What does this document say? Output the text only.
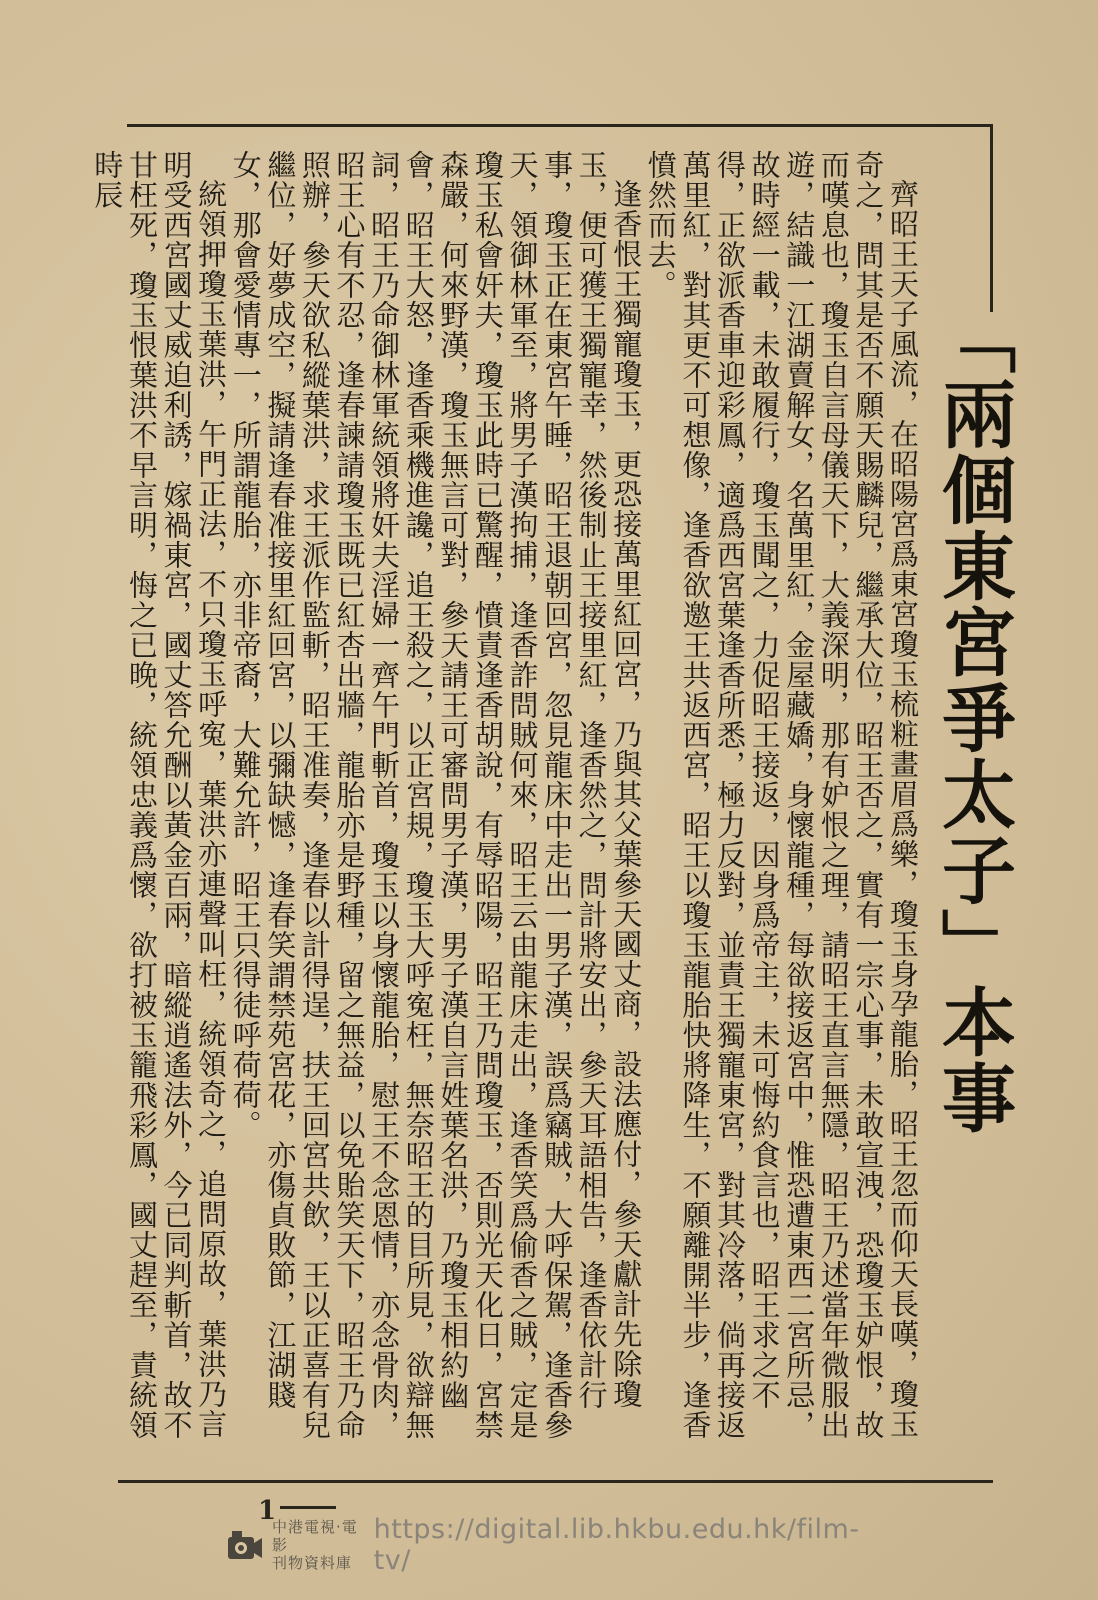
「兩個東宮爭太子」本事

齊昭王天子風流，在昭陽宮爲東宮瓊玉梳粧畫眉爲樂，瓊玉身孕龍胎，昭王忽而仰天長嘆，瓊玉奇之，問其是否不願天賜麟兒，繼承大位，昭王否之，實有一宗心事，未敢宣洩，恐瓊玉妒恨，故而嘆息也，瓊玉自言母儀天下，大義深明，那有妒恨之理，請昭王直言無隱，昭王乃述當年微服出遊，結識一江湖賣解女，名萬里紅，金屋藏嬌，身懷龍種，每欲接返宮中，惟恐遭東西二宮所忌，故時經一載，未敢履行，瓊玉聞之，力促昭王接返，因身爲帝主，未可悔約食言也，昭王求之不得，正欲派香車迎彩鳳，適爲西宮葉逢香所悉，極力反對，並責王獨寵東宮，對其冷落，倘再接返萬里紅，對其更不可想像，逢香欲邀王共返西宮，昭王以瓊玉龍胎快將降生，不願離開半步，逢香憤然而去。

逢香恨王獨寵瓊玉，更恐接萬里紅回宮，乃與其父葉參天國丈商，設法應付，參天獻計先除瓊玉，便可獲王獨寵幸，然後制止王接里紅，逢香然之，問計將安出，參天耳語相告，逢香依計行事，瓊玉正在東宮午睡，昭王退朝回宮，忽見龍床中走出一男子漢，誤爲竊賊，大呼保駕，逢香參天，領御林軍至，將男子漢拘捕，逢香詐問賊何來，昭王云由龍床走出，逢香笑爲偷香之賊，定是瓊玉私會奸夫，瓊玉此時已驚醒，憤責逢香胡說，有辱昭陽，昭王乃問瓊玉，否則光天化日，宮禁森嚴，何來野漢，瓊玉無言可對，參天請王可審問男子漢，男子漢自言姓葉名洪，乃瓊玉相約幽會，昭王大怒，逢香乘機進讒，追王殺之，以正宮規，瓊玉大呼寃枉，無奈昭王的目所見，欲辯無詞，昭王乃命御林軍統領將奸夫淫婦一齊午門斬首，瓊玉以身懷龍胎，慰王不念恩情，亦念骨肉，昭王心有不忍，逢春諫請瓊玉既已紅杏出牆，龍胎亦是野種，留之無益，以免貽笑天下，昭王乃命照辦，參天欲私縱葉洪，求王派作監斬，昭王准奏，逢春以計得逞，扶王回宮共飲，王以正喜有兒繼位，好夢成空，擬請逢春准接里紅回宮，以彌缺憾，逢春笑謂禁苑宮花，亦傷貞敗節，江湖賤女，那會愛情專一，所謂龍胎，亦非帝裔，大難允許，昭王只得徒呼荷荷。

統領押瓊玉葉洪，午門正法，不只瓊玉呼寃，葉洪亦連聲叫枉，統領奇之，追問原故，葉洪乃言明受西宮國丈威迫利誘，嫁禍東宮，國丈答允酬以黃金百兩，暗縱逍遙法外，今已同判斬首，故不甘枉死，瓊玉恨葉洪不早言明，悔之已晚，統領忠義爲懷，欲打被玉籠飛彩鳳，國丈趕至，責統領時辰

1
中港電視·電影
刊物資料庫
https://digital.lib.hkbu.edu.hk/film-tv/
